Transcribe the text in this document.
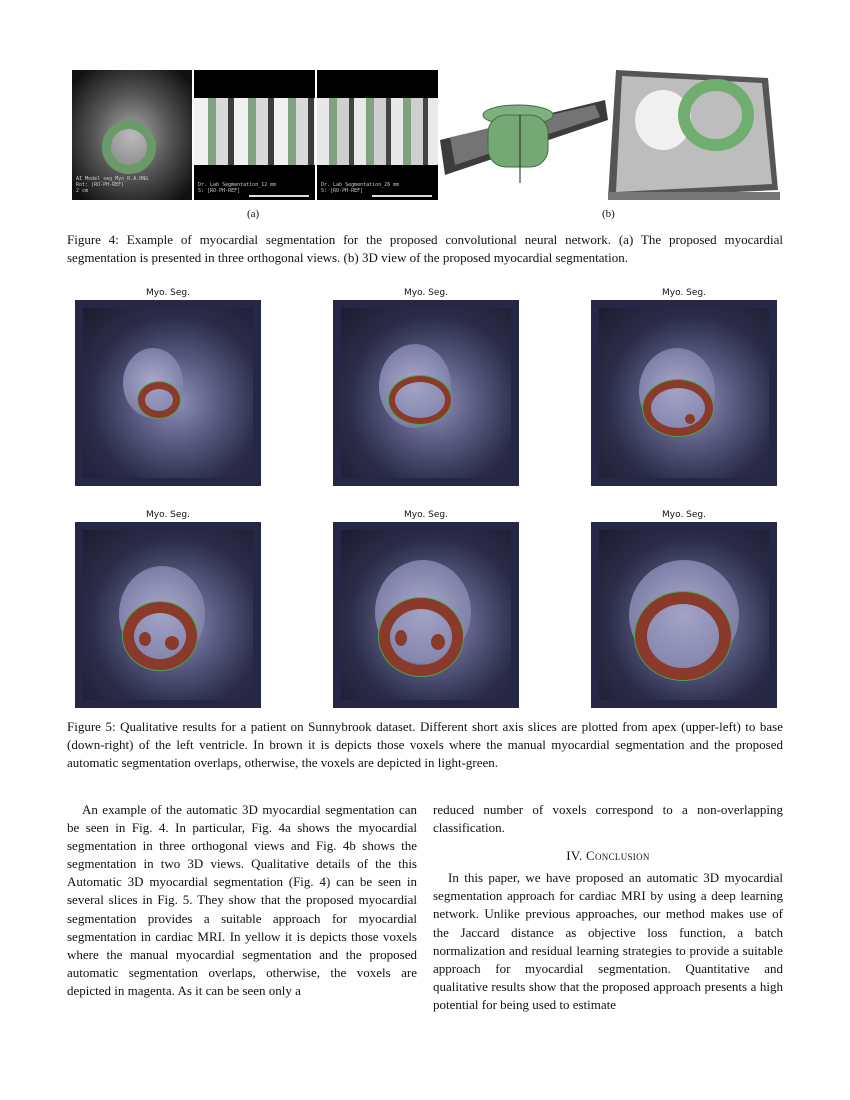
AI Model_seg_Myo_R.A.HNG
Rot: (RO-PH-REF)
2 cm
Dr. Lab Segmentation_12 mm
S: [RO-PH-REF]
Dr. Lab Segmentation_26 mm
S: [RO-PH-REF]
(a)	(b)
Figure 4: Example of myocardial segmentation for the proposed convolutional neural network. (a) The proposed myocardial segmentation is presented in three orthogonal views. (b) 3D view of the proposed myocardial segmentation.
Myo. Seg.	Myo. Seg.	Myo. Seg.
Myo. Seg.	Myo. Seg.	Myo. Seg.
Figure 5: Qualitative results for a patient on Sunnybrook dataset. Different short axis slices are plotted from apex (upper-left) to base (down-right) of the left ventricle. In brown it is depicts those voxels where the manual myocardial segmentation and the proposed automatic segmentation overlaps, otherwise, the voxels are depicted in light-green.

An example of the automatic 3D myocardial segmentation can be seen in Fig. 4. In particular, Fig. 4a shows the myocardial segmentation in three orthogonal views and Fig. 4b shows the segmentation in two 3D views. Qualitative details of the this Automatic 3D myocardial segmentation (Fig. 4) can be seen in several slices in Fig. 5. They show that the proposed myocardial segmentation provides a suitable approach for myocardial segmentation in cardiac MRI. In yellow it is depicts those voxels where the manual myocardial segmentation and the proposed automatic segmentation overlaps, otherwise, the voxels are depicted in magenta. As it can be seen only a

reduced number of voxels correspond to a non-overlapping classification.

IV. Conclusion

In this paper, we have proposed an automatic 3D myocardial segmentation approach for cardiac MRI by using a deep learning network. Unlike previous approaches, our method makes use of the Jaccard distance as objective loss function, a batch normalization and residual learning strategies to provide a suitable approach for myocardial segmentation. Quantitative and qualitative results show that the proposed approach presents a high potential for being used to estimate
